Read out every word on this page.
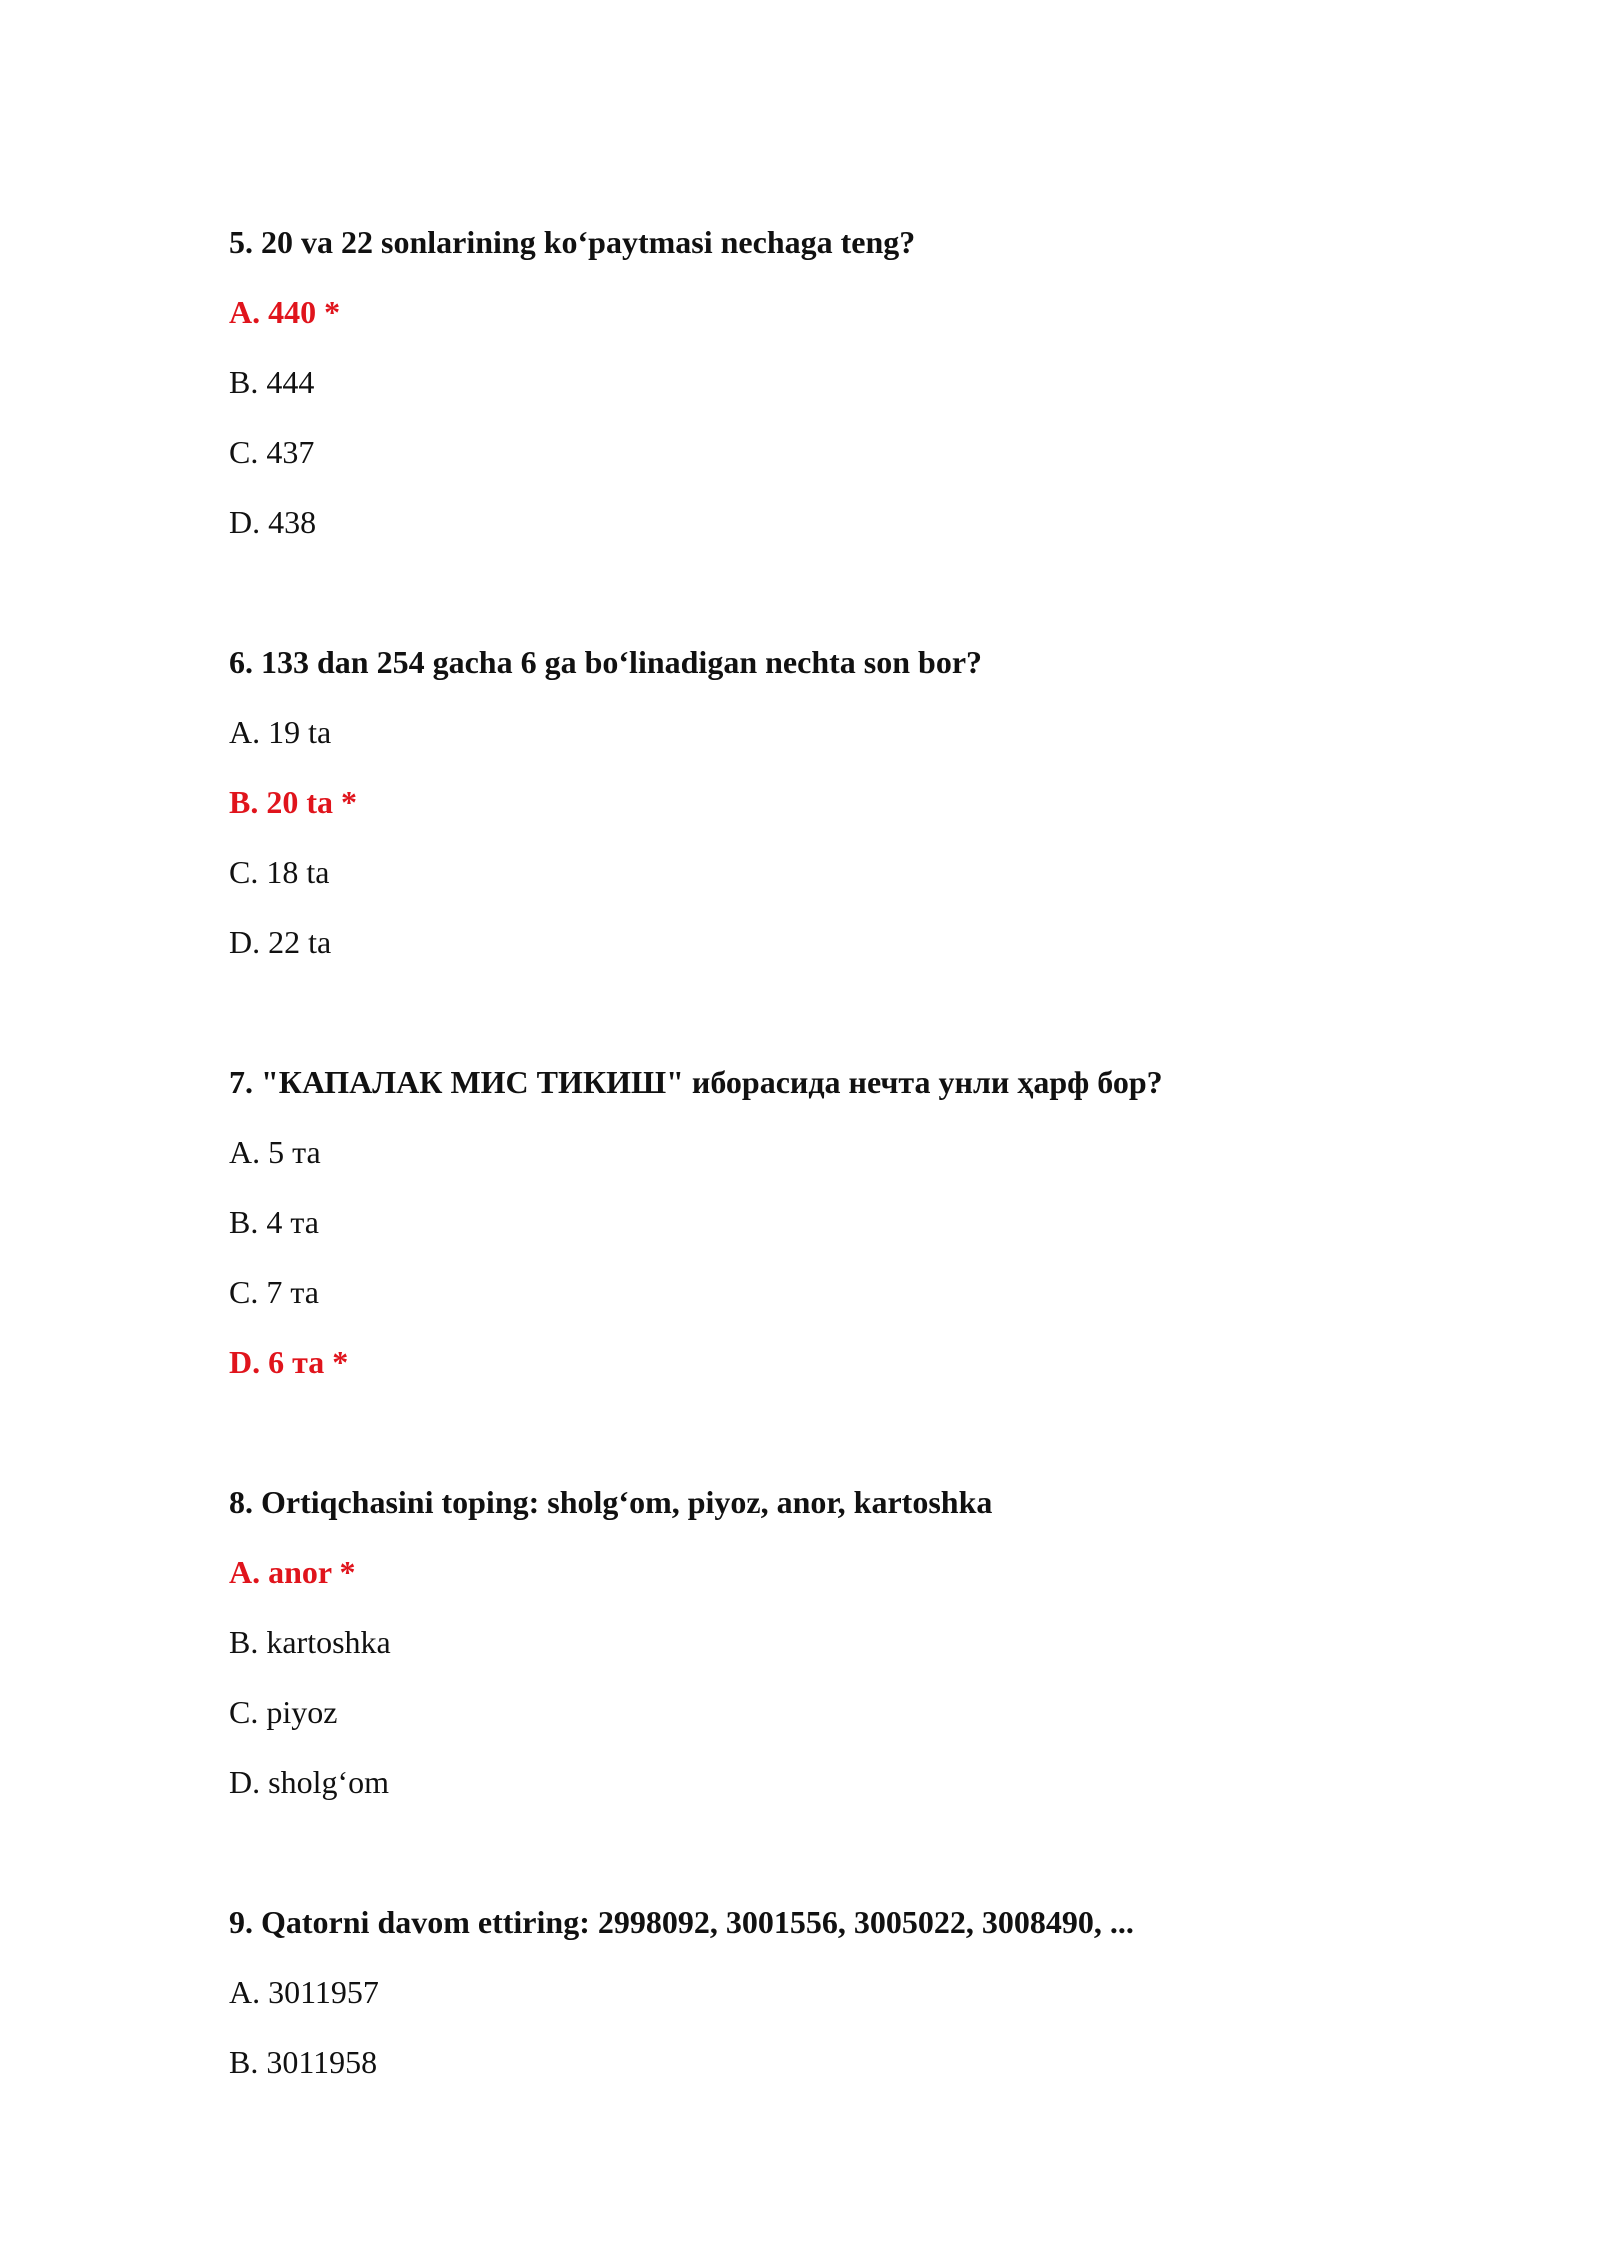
5. 20 va 22 sonlarining ko‘paytmasi nechaga teng?

A. 440 *

B. 444

C. 437

D. 438

6. 133 dan 254 gacha 6 ga bo‘linadigan nechta son bor?

A. 19 ta

B. 20 ta *

C. 18 ta

D. 22 ta

7. "КАПАЛАК МИС ТИКИШ" иборасида нечта унли ҳарф бор?

A. 5 та

B. 4 та

C. 7 та

D. 6 та *

8. Ortiqchasini toping: sholg‘om, piyoz, anor, kartoshka

A. anor *

B. kartoshka

C. piyoz

D. sholg‘om

9. Qatorni davom ettiring: 2998092, 3001556, 3005022, 3008490, ...

A. 3011957

B. 3011958
